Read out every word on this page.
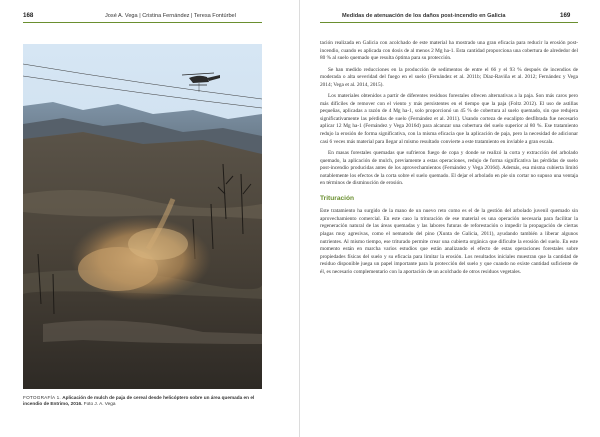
168	José A. Vega | Cristina Fernández | Teresa Fontúrbel
FOTOGRAFÍA 1. Aplicación de mulch de paja de cereal desde helicóptero sobre un área quemada en el incendio de Entrimo, 2016. Foto J. A. Vega
Medidas de atenuación de los daños post-incendio en Galicia	169

tación realizada en Galicia con acolchado de este material ha mostrado una gran eficacia para reducir la erosión post-incendio, cuando es aplicada con dosis de al menos 2 Mg ha-1. Esta cantidad proporciona una cobertura de alrededor del 80 % al suelo quemado que resulta óptima para su protección.

Se han medido reducciones en la producción de sedimentos de entre el 66 y el 93 % después de incendios de moderada o alta severidad del fuego en el suelo (Fernández et al. 2011b; Díaz-Raviña et al. 2012; Fernández y Vega 2014; Vega et al. 2014, 2015).

Los materiales obtenidos a partir de diferentes residuos forestales ofrecen alternativas a la paja. Son más caros pero más difíciles de remover con el viento y más persistentes en el tiempo que la paja (Foltz 2012). El uso de astillas pequeñas, aplicadas a razón de 4 Mg ha-1, solo proporcionó un 45 % de cobertura al suelo quemado, sin que redujera significativamente las pérdidas de suelo (Fernández et al. 2011). Usando corteza de eucalipto desfibrada fue necesario aplicar 12 Mg ha-1 (Fernández y Vega 2016d) para alcanzar una cobertura del suelo superior al 80 %. Ese tratamiento redujo la erosión de forma significativa, con la misma eficacia que la aplicación de paja, pero la necesidad de adicionar casi 6 veces más material para llegar al mismo resultado convierte a este tratamiento en inviable a gran escala.

En masas forestales quemadas que sufrieron fuego de copa y donde se realizó la corta y extracción del arbolado quemado, la aplicación de mulch, previamente a estas operaciones, redujo de forma significativa las pérdidas de suelo post-incendio producidas antes de los aprovechamientos (Fernández y Vega 2016d). Además, esa misma cubierta limitó notablemente los efectos de la corta sobre el suelo quemado. El dejar el arbolado en pie sin cortar no supuso una ventaja en términos de disminución de erosión.

Trituración

Este tratamiento ha surgido de la mano de un nuevo reto como es el de la gestión del arbolado juvenil quemado sin aprovechamiento comercial. En este caso la trituración de ese material es una operación necesaria para facilitar la regeneración natural de las áreas quemadas y las labores futuras de reforestación o impedir la propagación de ciertas plagas muy agresivas, como el nematodo del pino (Xunta de Galicia, 2011), ayudando también a liberar algunos nutrientes. Al mismo tiempo, ese triturado permite crear una cubierta orgánica que dificulte la erosión del suelo. En este momento están en marcha varios estudios que están analizando el efecto de estas operaciones forestales sobre propiedades físicas del suelo y su eficacia para limitar la erosión. Los resultados iniciales muestran que la cantidad de residuo disponible juega un papel importante para la protección del suelo y que cuando no existe cantidad suficiente de él, es necesario complementario con la aportación de un acolchado de otros residuos vegetales.
